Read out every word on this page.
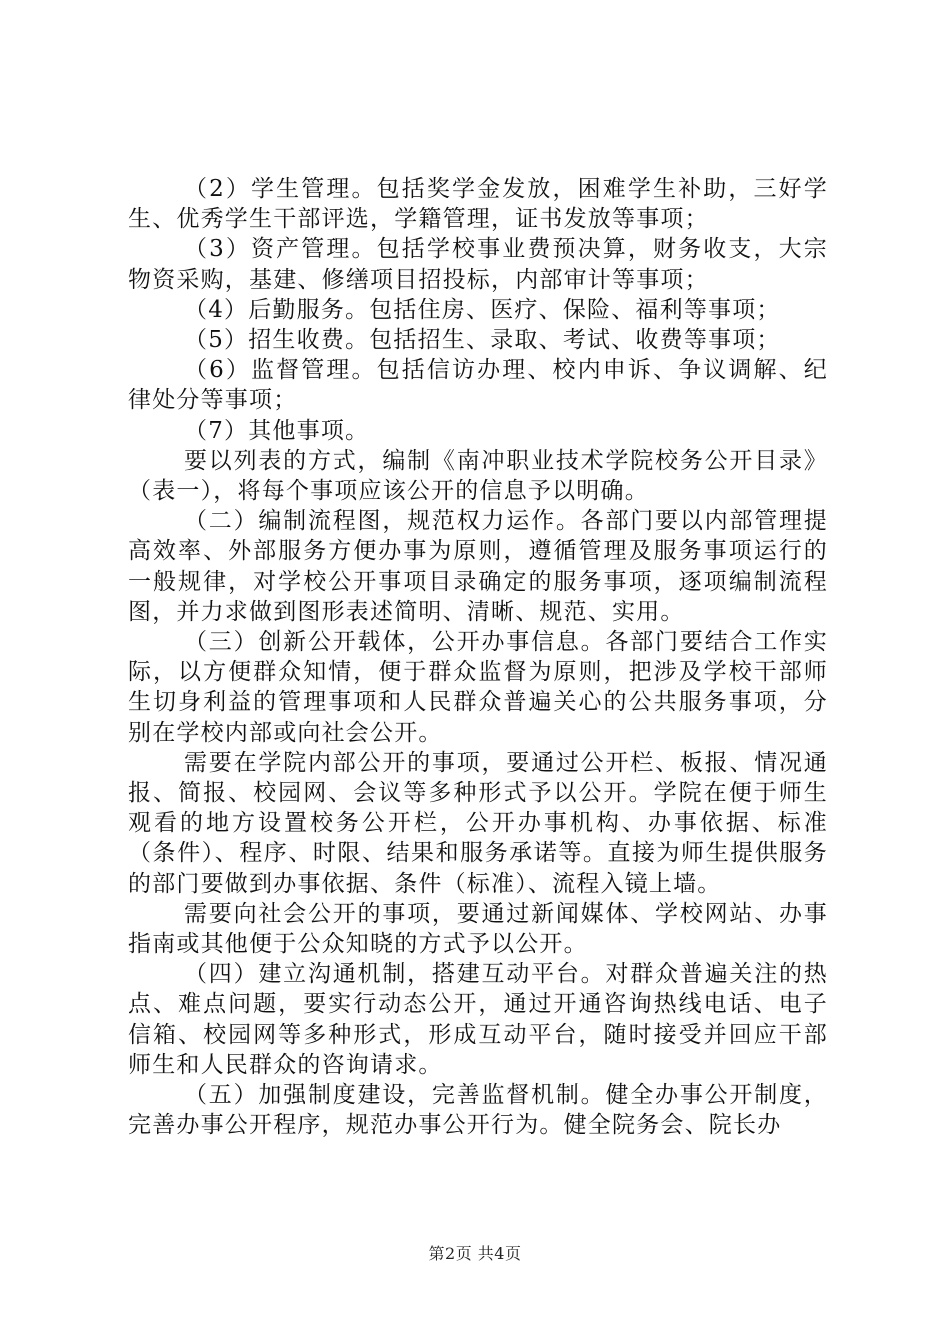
（2）学生管理。包括奖学金发放，困难学生补助，三好学生、优秀学生干部评选，学籍管理，证书发放等事项；

（3）资产管理。包括学校事业费预决算，财务收支，大宗物资采购，基建、修缮项目招投标，内部审计等事项；

（4）后勤服务。包括住房、医疗、保险、福利等事项；

（5）招生收费。包括招生、录取、考试、收费等事项；

（6）监督管理。包括信访办理、校内申诉、争议调解、纪律处分等事项；

（7）其他事项。

要以列表的方式，编制《南冲职业技术学院校务公开目录》（表一），将每个事项应该公开的信息予以明确。

（二）编制流程图，规范权力运作。各部门要以内部管理提高效率、外部服务方便办事为原则，遵循管理及服务事项运行的一般规律，对学校公开事项目录确定的服务事项，逐项编制流程图，并力求做到图形表述简明、清晰、规范、实用。

（三）创新公开载体，公开办事信息。各部门要结合工作实际，以方便群众知情，便于群众监督为原则，把涉及学校干部师生切身利益的管理事项和人民群众普遍关心的公共服务事项，分别在学校内部或向社会公开。

需要在学院内部公开的事项，要通过公开栏、板报、情况通报、简报、校园网、会议等多种形式予以公开。学院在便于师生观看的地方设置校务公开栏，公开办事机构、办事依据、标准（条件）、程序、时限、结果和服务承诺等。直接为师生提供服务的部门要做到办事依据、条件（标准）、流程入镜上墙。

需要向社会公开的事项，要通过新闻媒体、学校网站、办事指南或其他便于公众知晓的方式予以公开。

（四）建立沟通机制，搭建互动平台。对群众普遍关注的热点、难点问题，要实行动态公开，通过开通咨询热线电话、电子信箱、校园网等多种形式，形成互动平台，随时接受并回应干部师生和人民群众的咨询请求。

（五）加强制度建设，完善监督机制。健全办事公开制度，完善办事公开程序，规范办事公开行为。健全院务会、院长办

第2页 共4页
